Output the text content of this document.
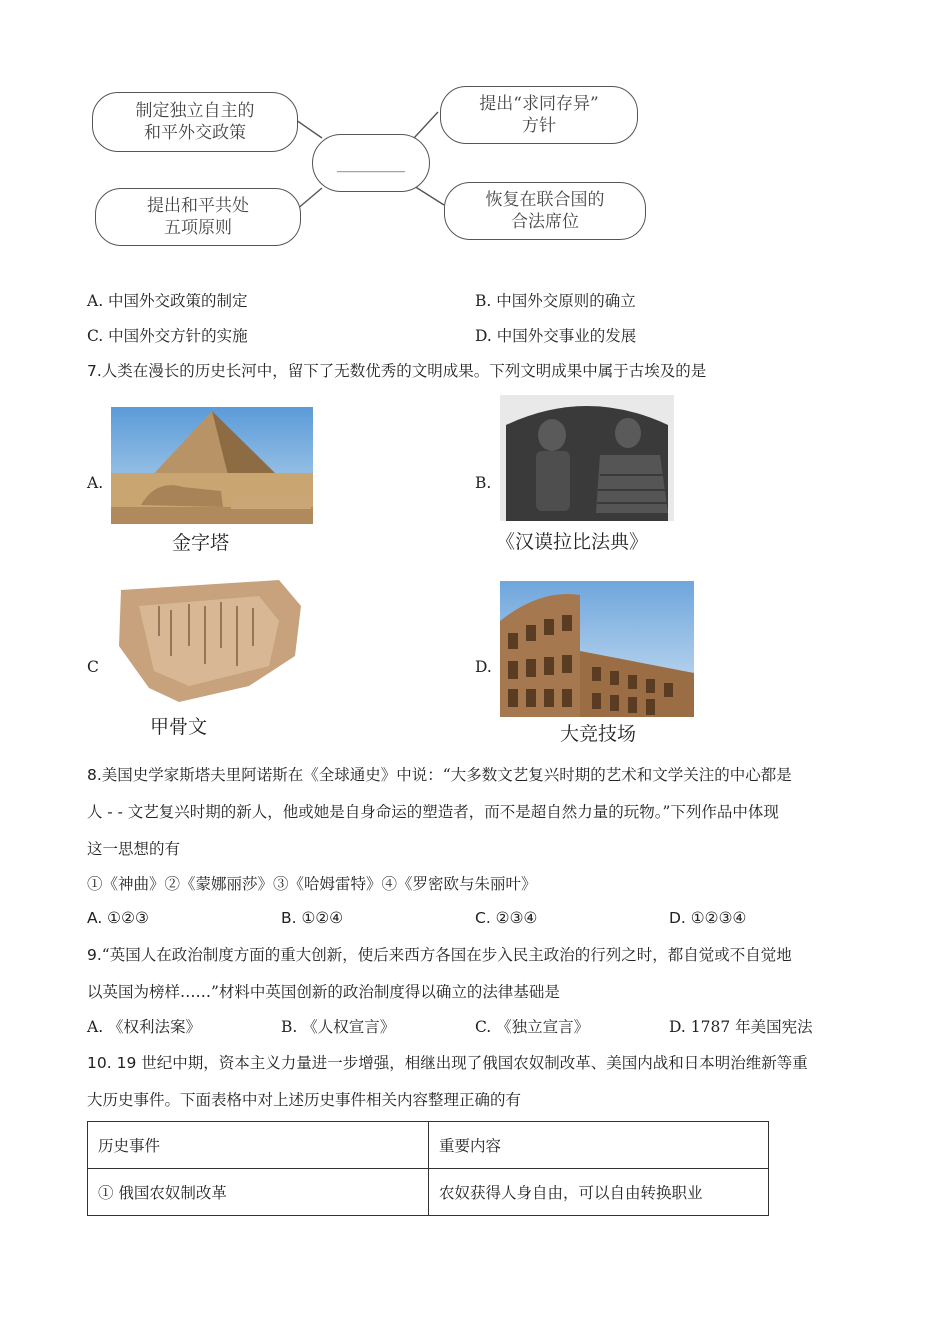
制定独立自主的
和平外交政策
提出“求同存异”
方针
提出和平共处
五项原则
恢复在联合国的
合法席位
________
A. 中国外交政策的制定	B. 中国外交原则的确立
C. 中国外交方针的实施	D. 中国外交事业的发展
7.人类在漫长的历史长河中，留下了无数优秀的文明成果。下列文明成果中属于古埃及的是
A.
金字塔
B.
《汉谟拉比法典》
C
甲骨文
D.
大竞技场
8.美国史学家斯塔夫里阿诺斯在《全球通史》中说：“大多数文艺复兴时期的艺术和文学关注的中心都是
人 - - 文艺复兴时期的新人，他或她是自身命运的塑造者，而不是超自然力量的玩物。”下列作品中体现
这一思想的有
①《神曲》②《蒙娜丽莎》③《哈姆雷特》④《罗密欧与朱丽叶》
A. ①②③	B. ①②④	C. ②③④	D. ①②③④
9.“英国人在政治制度方面的重大创新，使后来西方各国在步入民主政治的行列之时，都自觉或不自觉地
以英国为榜样……”材料中英国创新的政治制度得以确立的法律基础是
A. 《权利法案》	B. 《人权宣言》	C. 《独立宣言》	D. 1787 年美国宪法
10. 19 世纪中期，资本主义力量进一步增强，相继出现了俄国农奴制改革、美国内战和日本明治维新等重
大历史事件。下面表格中对上述历史事件相关内容整理正确的有
历史事件	重要内容
① 俄国农奴制改革	农奴获得人身自由，可以自由转换职业
